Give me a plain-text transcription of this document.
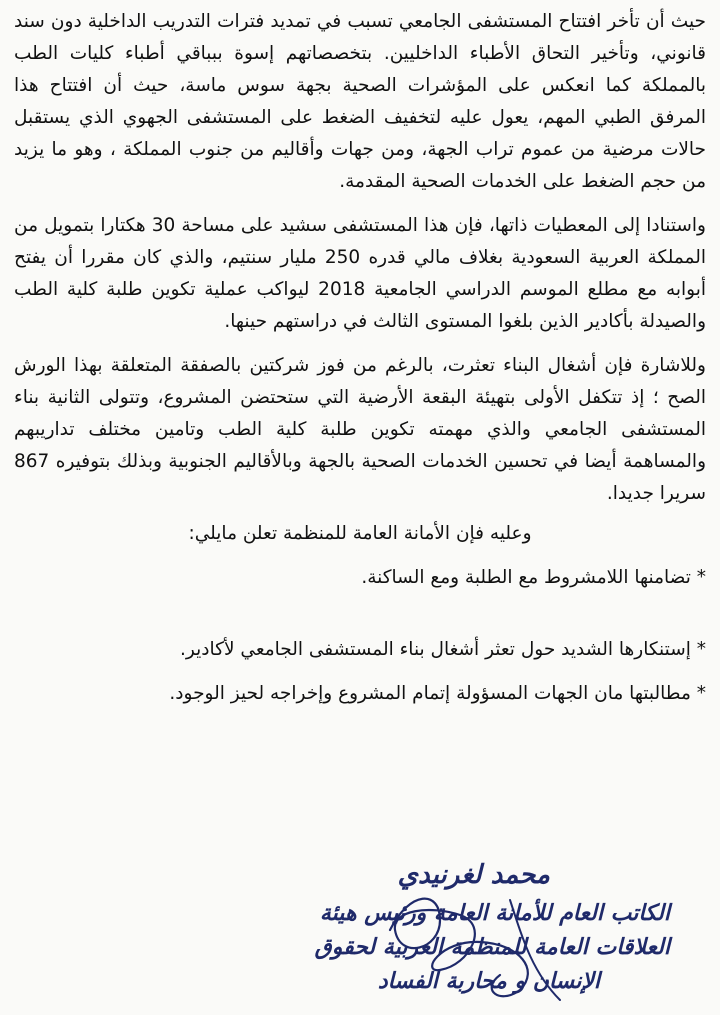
حيث أن تأخر افتتاح المستشفى الجامعي تسبب في تمديد فترات التدريب الداخلية دون سند قانوني، وتأخير التحاق الأطباء الداخليين. بتخصصاتهم إسوة ببباقي أطباء كليات الطب بالمملكة كما انعكس على المؤشرات الصحية بجهة سوس ماسة، حيث أن افتتاح هذا المرفق الطبي المهم، يعول عليه لتخفيف الضغط على المستشفى الجهوي الذي يستقبل حالات مرضية من عموم تراب الجهة، ومن جهات وأقاليم من جنوب المملكة ، وهو ما يزيد من حجم الضغط على الخدمات الصحية المقدمة.

واستنادا إلى المعطيات ذاتها، فإن هذا المستشفى سشيد على مساحة 30 هكتارا بتمويل من المملكة العربية السعودية بغلاف مالي قدره 250 مليار سنتيم، والذي كان مقررا أن يفتح أبوابه مع مطلع الموسم الدراسي الجامعية 2018 ليواكب عملية تكوين طلبة كلية الطب والصيدلة بأكادير الذين بلغوا المستوى الثالث في دراستهم حينها.

وللاشارة فإن أشغال البناء تعثرت، بالرغم من فوز شركتين بالصفقة المتعلقة بهذا الورش الصح ؛ إذ تتكفل الأولى بتهيئة البقعة الأرضية التي ستحتضن المشروع، وتتولى الثانية بناء المستشفى الجامعي والذي مهمته تكوين طلبة كلية الطب وتامين مختلف تداريبهم والمساهمة أيضا في تحسين الخدمات الصحية بالجهة وبالأقاليم الجنوبية وبذلك بتوفيره 867 سريرا جديدا.

وعليه فإن الأمانة العامة للمنظمة تعلن مايلي:

* تضامنها اللامشروط مع الطلبة ومع الساكنة.

* إستنكارها الشديد حول تعثر أشغال بناء المستشفى الجامعي لأكادير.

* مطالبتها مان الجهات المسؤولة إتمام المشروع وإخراجه لحيز الوجود.

محمد لغرنيدي
الكاتب العام للأمانة العامة ورئيس هيئة
العلاقات العامة للمنظمة العربية لحقوق
الإنسان و محاربة الفساد
